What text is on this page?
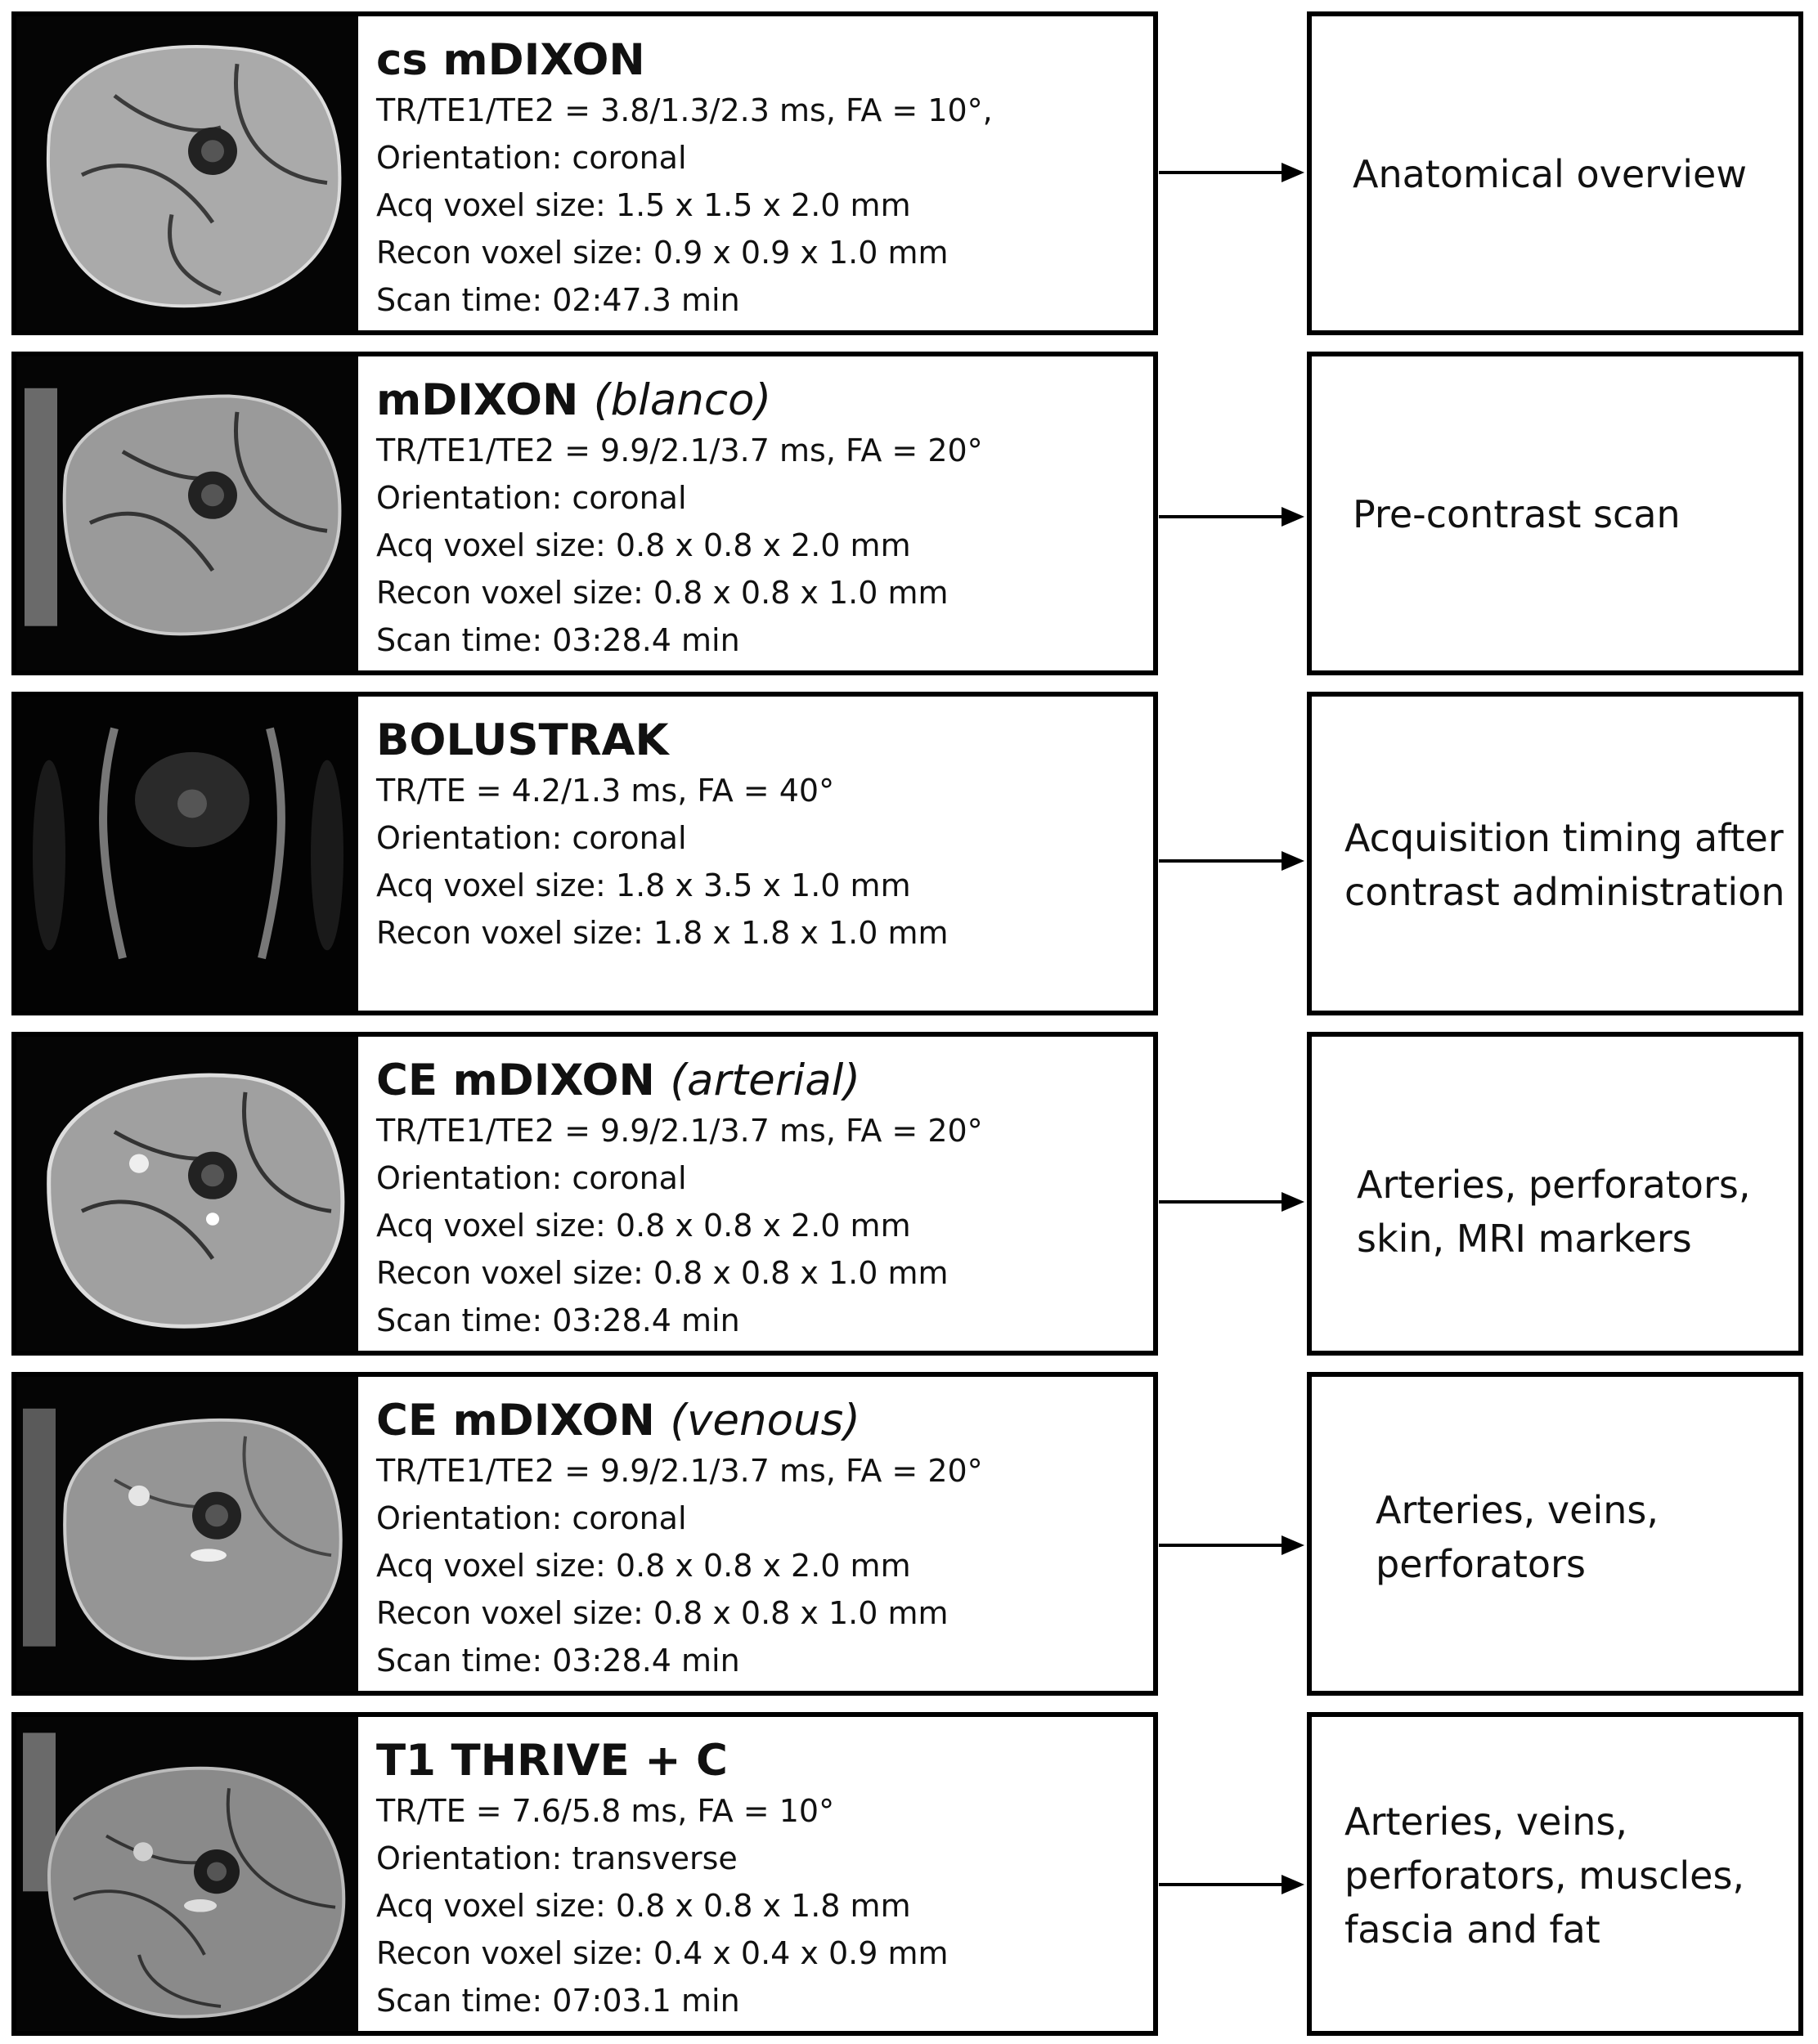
cs mDIXON
TR/TE1/TE2 = 3.8/1.3/2.3 ms, FA = 10°,
Orientation: coronal
Acq voxel size: 1.5 x 1.5 x 2.0 mm
Recon voxel size: 0.9 x 0.9 x 1.0 mm
Scan time: 02:47.3 min
Anatomical overview
mDIXON (blanco)
TR/TE1/TE2 = 9.9/2.1/3.7 ms, FA = 20°
Orientation: coronal
Acq voxel size: 0.8 x 0.8 x 2.0 mm
Recon voxel size: 0.8 x 0.8 x 1.0 mm
Scan time: 03:28.4 min
Pre-contrast scan
BOLUSTRAK
TR/TE = 4.2/1.3 ms, FA = 40°
Orientation: coronal
Acq voxel size: 1.8 x 3.5 x 1.0 mm
Recon voxel size: 1.8 x 1.8 x 1.0 mm
Acquisition timing after
contrast administration
CE mDIXON (arterial)
TR/TE1/TE2 = 9.9/2.1/3.7 ms, FA = 20°
Orientation: coronal
Acq voxel size: 0.8 x 0.8 x 2.0 mm
Recon voxel size: 0.8 x 0.8 x 1.0 mm
Scan time: 03:28.4 min
Arteries, perforators,
skin, MRI markers
CE mDIXON (venous)
TR/TE1/TE2 = 9.9/2.1/3.7 ms, FA = 20°
Orientation: coronal
Acq voxel size: 0.8 x 0.8 x 2.0 mm
Recon voxel size: 0.8 x 0.8 x 1.0 mm
Scan time: 03:28.4 min
Arteries, veins,
perforators
T1 THRIVE + C
TR/TE = 7.6/5.8 ms, FA = 10°
Orientation: transverse
Acq voxel size: 0.8 x 0.8 x 1.8 mm
Recon voxel size: 0.4 x 0.4 x 0.9 mm
Scan time: 07:03.1 min
Arteries, veins,
perforators, muscles,
fascia and fat
